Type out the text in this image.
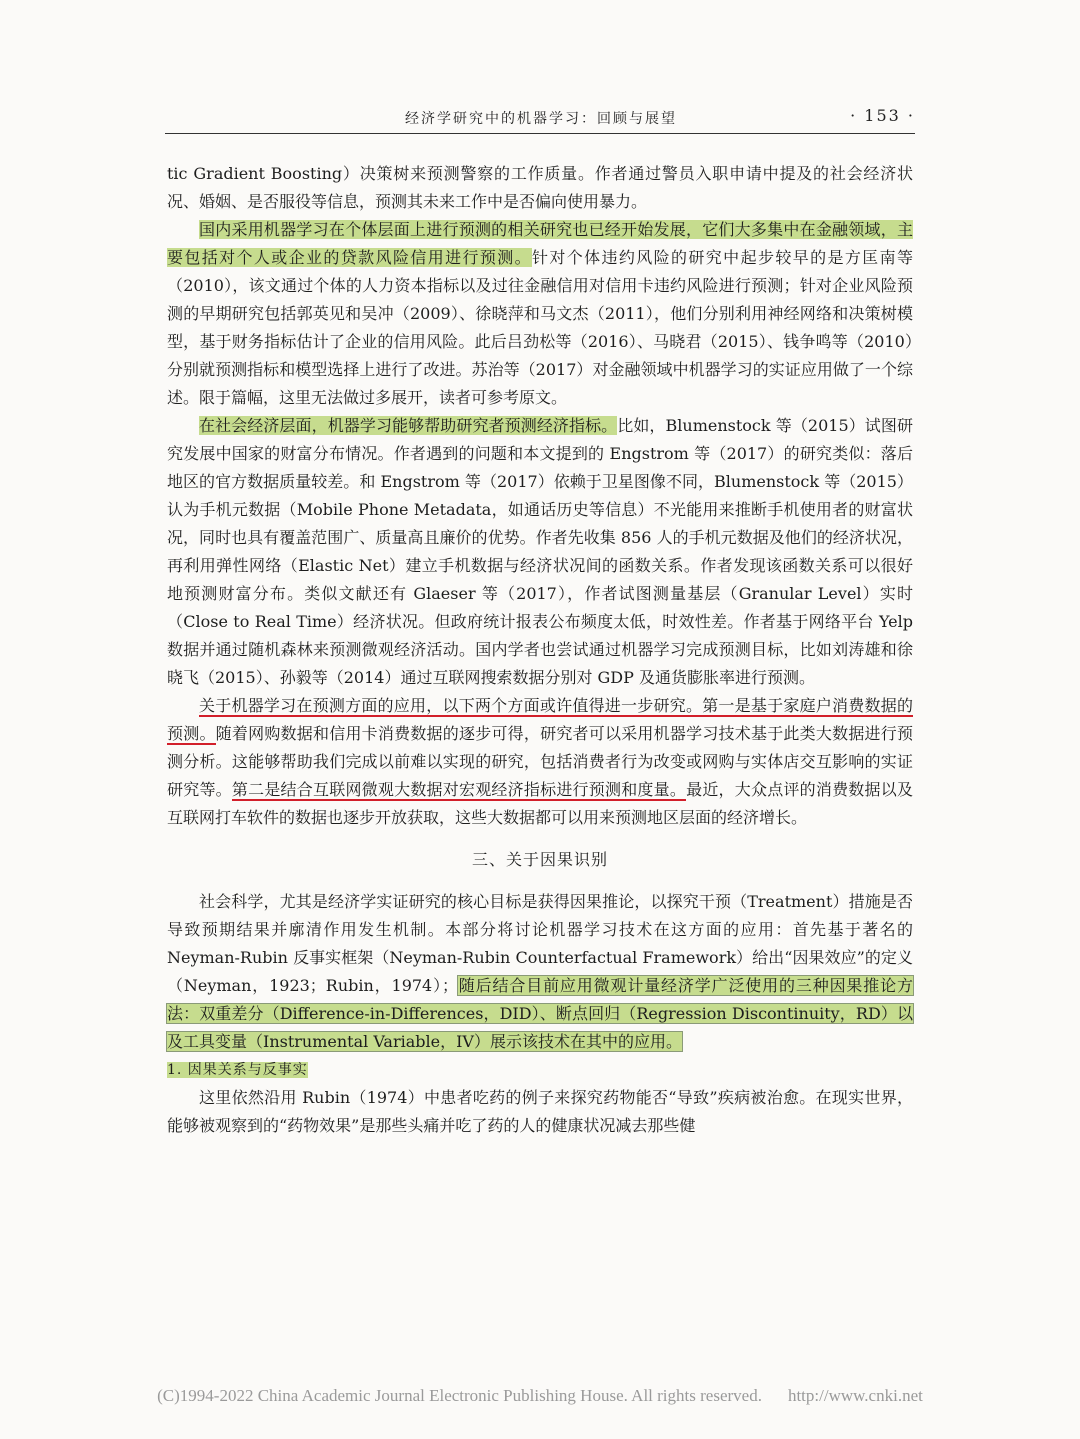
经济学研究中的机器学习：回顾与展望	· 153 ·

tic Gradient Boosting）决策树来预测警察的工作质量。作者通过警员入职申请中提及的社会经济状况、婚姻、是否服役等信息，预测其未来工作中是否偏向使用暴力。

国内采用机器学习在个体层面上进行预测的相关研究也已经开始发展，它们大多集中在金融领域，主要包括对个人或企业的贷款风险信用进行预测。针对个体违约风险的研究中起步较早的是方匡南等（2010），该文通过个体的人力资本指标以及过往金融信用对信用卡违约风险进行预测；针对企业风险预测的早期研究包括郭英见和吴冲（2009）、徐晓萍和马文杰（2011），他们分别利用神经网络和决策树模型，基于财务指标估计了企业的信用风险。此后吕劲松等（2016）、马晓君（2015）、钱争鸣等（2010）分别就预测指标和模型选择上进行了改进。苏治等（2017）对金融领域中机器学习的实证应用做了一个综述。限于篇幅，这里无法做过多展开，读者可参考原文。

在社会经济层面，机器学习能够帮助研究者预测经济指标。比如，Blumenstock 等（2015）试图研究发展中国家的财富分布情况。作者遇到的问题和本文提到的 Engstrom 等（2017）的研究类似：落后地区的官方数据质量较差。和 Engstrom 等（2017）依赖于卫星图像不同，Blumenstock 等（2015）认为手机元数据（Mobile Phone Metadata，如通话历史等信息）不光能用来推断手机使用者的财富状况，同时也具有覆盖范围广、质量高且廉价的优势。作者先收集 856 人的手机元数据及他们的经济状况，再利用弹性网络（Elastic Net）建立手机数据与经济状况间的函数关系。作者发现该函数关系可以很好地预测财富分布。类似文献还有 Glaeser 等（2017），作者试图测量基层（Granular Level）实时（Close to Real Time）经济状况。但政府统计报表公布频度太低，时效性差。作者基于网络平台 Yelp 数据并通过随机森林来预测微观经济活动。国内学者也尝试通过机器学习完成预测目标，比如刘涛雄和徐晓飞（2015）、孙毅等（2014）通过互联网搜索数据分别对 GDP 及通货膨胀率进行预测。

关于机器学习在预测方面的应用，以下两个方面或许值得进一步研究。第一是基于家庭户消费数据的预测。随着网购数据和信用卡消费数据的逐步可得，研究者可以采用机器学习技术基于此类大数据进行预测分析。这能够帮助我们完成以前难以实现的研究，包括消费者行为改变或网购与实体店交互影响的实证研究等。第二是结合互联网微观大数据对宏观经济指标进行预测和度量。最近，大众点评的消费数据以及互联网打车软件的数据也逐步开放获取，这些大数据都可以用来预测地区层面的经济增长。

三、关于因果识别

社会科学，尤其是经济学实证研究的核心目标是获得因果推论，以探究干预（Treatment）措施是否导致预期结果并廓清作用发生机制。本部分将讨论机器学习技术在这方面的应用：首先基于著名的 Neyman-Rubin 反事实框架（Neyman-Rubin Counterfactual Framework）给出“因果效应”的定义（Neyman，1923；Rubin，1974）；随后结合目前应用微观计量经济学广泛使用的三种因果推论方法：双重差分（Difference-in-Differences，DID）、断点回归（Regression Discontinuity，RD）以及工具变量（Instrumental Variable，IV）展示该技术在其中的应用。

1. 因果关系与反事实

这里依然沿用 Rubin（1974）中患者吃药的例子来探究药物能否“导致”疾病被治愈。在现实世界，能够被观察到的“药物效果”是那些头痛并吃了药的人的健康状况减去那些健

(C)1994-2022 China Academic Journal Electronic Publishing House. All rights reserved. http://www.cnki.net
